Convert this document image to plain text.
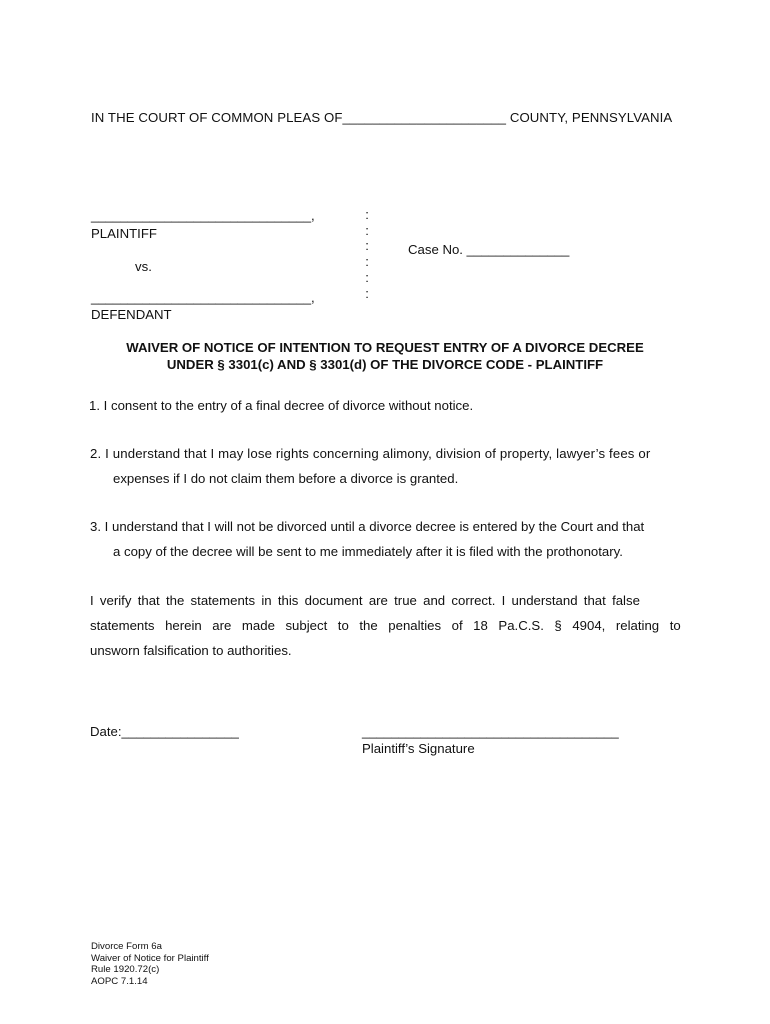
IN THE COURT OF COMMON PLEAS OF______________________ COUNTY, PENNSYLVANIA
______________________________,
PLAINTIFF
vs.
______________________________,
DEFENDANT
:
:
:
:
:
:
Case No. ______________
WAIVER OF NOTICE OF INTENTION TO REQUEST ENTRY OF A DIVORCE DECREE
UNDER § 3301(c) AND § 3301(d) OF THE DIVORCE CODE - PLAINTIFF
1. I consent to the entry of a final decree of divorce without notice.
2. I understand that I may lose rights concerning alimony, division of property, lawyer’s fees or
expenses if I do not claim them before a divorce is granted.
3. I understand that I will not be divorced until a divorce decree is entered by the Court and that
a copy of the decree will be sent to me immediately after it is filed with the prothonotary.
I verify that the statements in this document are true and correct. I understand that false
statements herein are made subject to the penalties of 18 Pa.C.S. § 4904, relating to
unsworn falsification to authorities.
Date:________________	___________________________________
Plaintiff’s Signature
Divorce Form 6a
Waiver of Notice for Plaintiff
Rule 1920.72(c)
AOPC 7.1.14
